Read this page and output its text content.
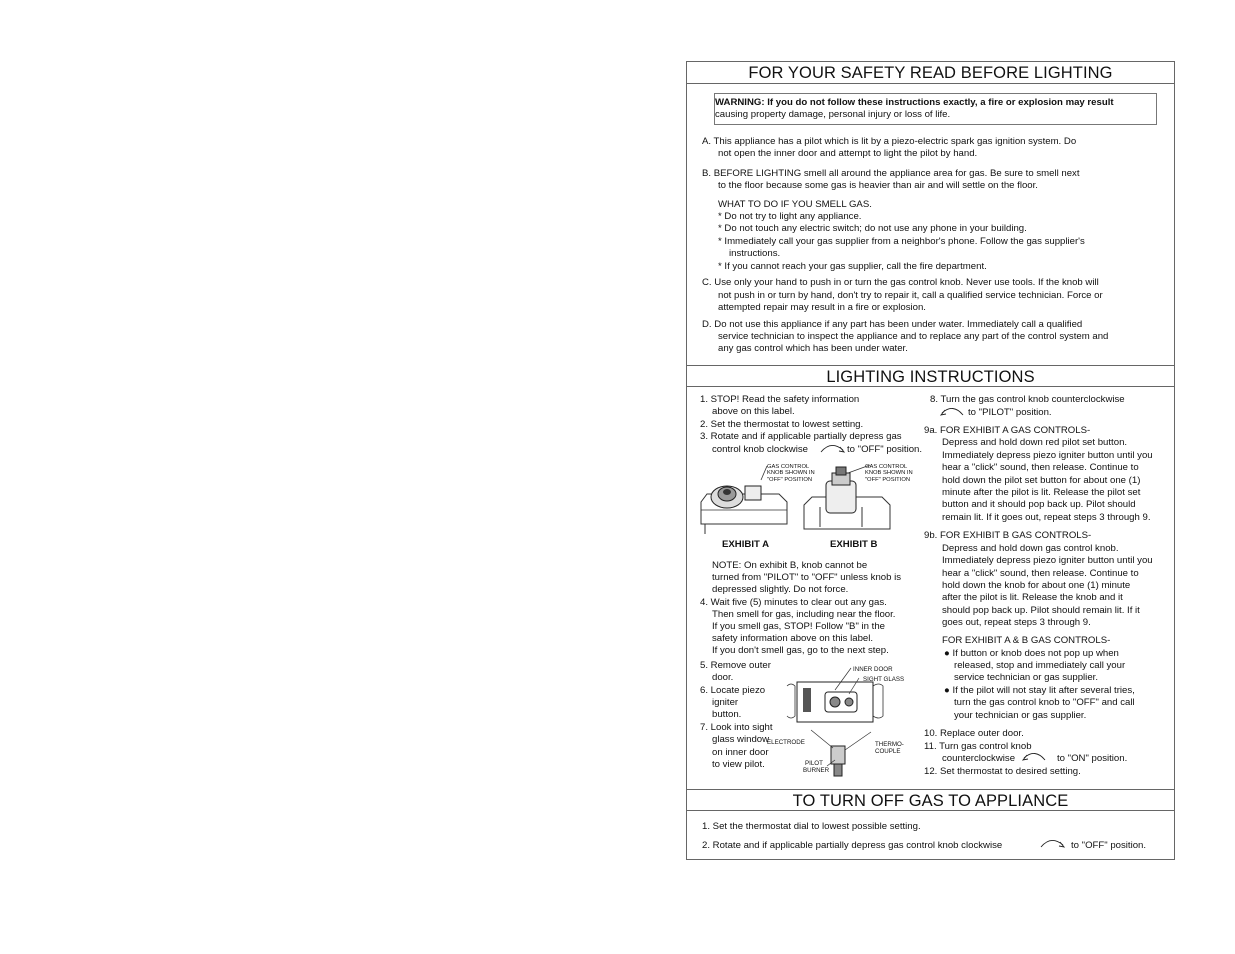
FOR YOUR SAFETY READ BEFORE LIGHTING
WARNING: If you do not follow these instructions exactly, a fire or explosion may result
causing property damage, personal injury or loss of life.
A. This appliance has a pilot which is lit by a piezo-electric spark gas ignition system. Do
not open the inner door and attempt to light the pilot by hand.
B. BEFORE LIGHTING smell all around the appliance area for gas. Be sure to smell next
to the floor because some gas is heavier than air and will settle on the floor.
WHAT TO DO IF YOU SMELL GAS.
* Do not try to light any appliance.
* Do not touch any electric switch; do not use any phone in your building.
* Immediately call your gas supplier from a neighbor's phone. Follow the gas supplier's
instructions.
* If you cannot reach your gas supplier, call the fire department.
C. Use only your hand to push in or turn the gas control knob. Never use tools. If the knob will
not push in or turn by hand, don't try to repair it, call a qualified service technician. Force or
attempted repair may result in a fire or explosion.
D. Do not use this appliance if any part has been under water. Immediately call a qualified
service technician to inspect the appliance and to replace any part of the control system and
any gas control which has been under water.
LIGHTING INSTRUCTIONS
1. STOP! Read the safety information
above on this label.
2. Set the thermostat to lowest setting.
3. Rotate and if applicable partially depress gas
control knob clockwise	to "OFF" position.
GAS CONTROL
KNOB SHOWN IN
"OFF" POSITION
GAS CONTROL
KNOB SHOWN IN
"OFF" POSITION
EXHIBIT A	EXHIBIT B
NOTE: On exhibit B, knob cannot be
turned from "PILOT" to "OFF" unless knob is
depressed slightly. Do not force.
4. Wait five (5) minutes to clear out any gas.
Then smell for gas, including near the floor.
If you smell gas, STOP! Follow "B" in the
safety information above on this label.
If you don't smell gas, go to the next step.
5. Remove outer
door.
6. Locate piezo
igniter
button.
7. Look into sight
glass window
on inner door
to view pilot.
INNER DOOR
SIGHT GLASS
ELECTRODE	THERMO-
COUPLE
PILOT
BURNER
8. Turn the gas control knob counterclockwise
to "PILOT" position.
9a. FOR EXHIBIT A GAS CONTROLS-
Depress and hold down red pilot set button.
Immediately depress piezo igniter button until you
hear a "click" sound, then release. Continue to
hold down the pilot set button for about one (1)
minute after the pilot is lit. Release the pilot set
button and it should pop back up. Pilot should
remain lit. If it goes out, repeat steps 3 through 9.
9b. FOR EXHIBIT B GAS CONTROLS-
Depress and hold down gas control knob.
Immediately depress piezo igniter button until you
hear a "click" sound, then release. Continue to
hold down the knob for about one (1) minute
after the pilot is lit. Release the knob and it
should pop back up. Pilot should remain lit. If it
goes out, repeat steps 3 through 9.
FOR EXHIBIT A & B GAS CONTROLS-
● If button or knob does not pop up when
released, stop and immediately call your
service technician or gas supplier.
● If the pilot will not stay lit after several tries,
turn the gas control knob to "OFF" and call
your technician or gas supplier.
10. Replace outer door.
11. Turn gas control knob
counterclockwise	to "ON" position.
12. Set thermostat to desired setting.
TO TURN OFF GAS TO APPLIANCE
1. Set the thermostat dial to lowest possible setting.
2. Rotate and if applicable partially depress gas control knob clockwise	to "OFF" position.
